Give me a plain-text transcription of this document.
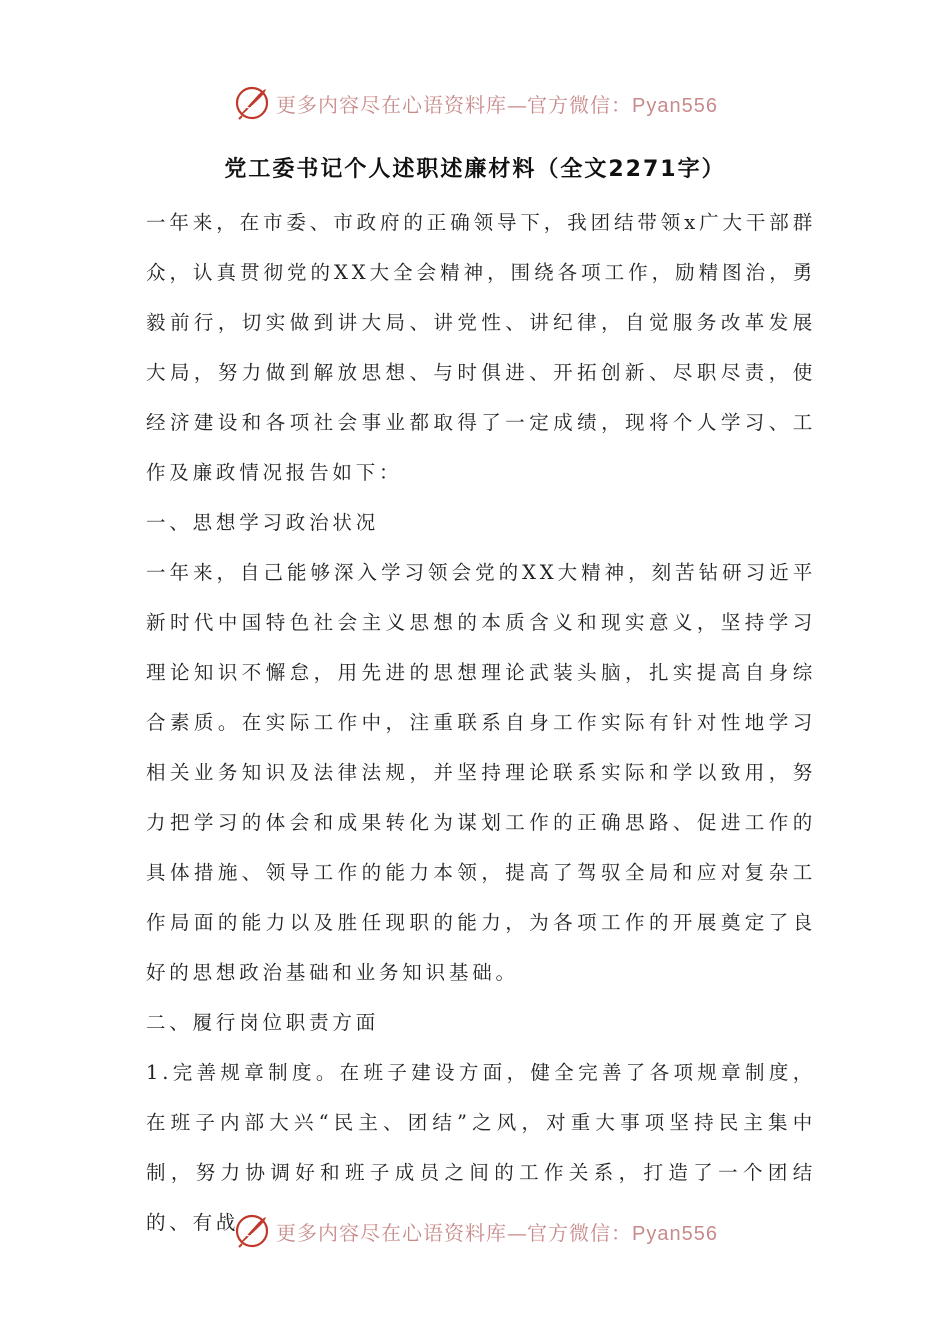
更多内容尽在心语资料库—官方微信：Pyan556
党工委书记个人述职述廉材料（全文2271字）

一年来，在市委、市政府的正确领导下，我团结带领x广大干部群众，认真贯彻党的XX大全会精神，围绕各项工作，励精图治，勇毅前行，切实做到讲大局、讲党性、讲纪律，自觉服务改革发展大局，努力做到解放思想、与时俱进、开拓创新、尽职尽责，使经济建设和各项社会事业都取得了一定成绩，现将个人学习、工作及廉政情况报告如下：

一、思想学习政治状况

一年来，自己能够深入学习领会党的XX大精神，刻苦钻研习近平新时代中国特色社会主义思想的本质含义和现实意义，坚持学习理论知识不懈怠，用先进的思想理论武装头脑，扎实提高自身综合素质。在实际工作中，注重联系自身工作实际有针对性地学习相关业务知识及法律法规，并坚持理论联系实际和学以致用，努力把学习的体会和成果转化为谋划工作的正确思路、促进工作的具体措施、领导工作的能力本领，提高了驾驭全局和应对复杂工作局面的能力以及胜任现职的能力，为各项工作的开展奠定了良好的思想政治基础和业务知识基础。

二、履行岗位职责方面

1.完善规章制度。在班子建设方面，健全完善了各项规章制度，在班子内部大兴“民主、团结”之风，对重大事项坚持民主集中制，努力协调好和班子成员之间的工作关系，打造了一个团结的、有战	更多内容尽在心语资料库—官方微信：Pyan556
